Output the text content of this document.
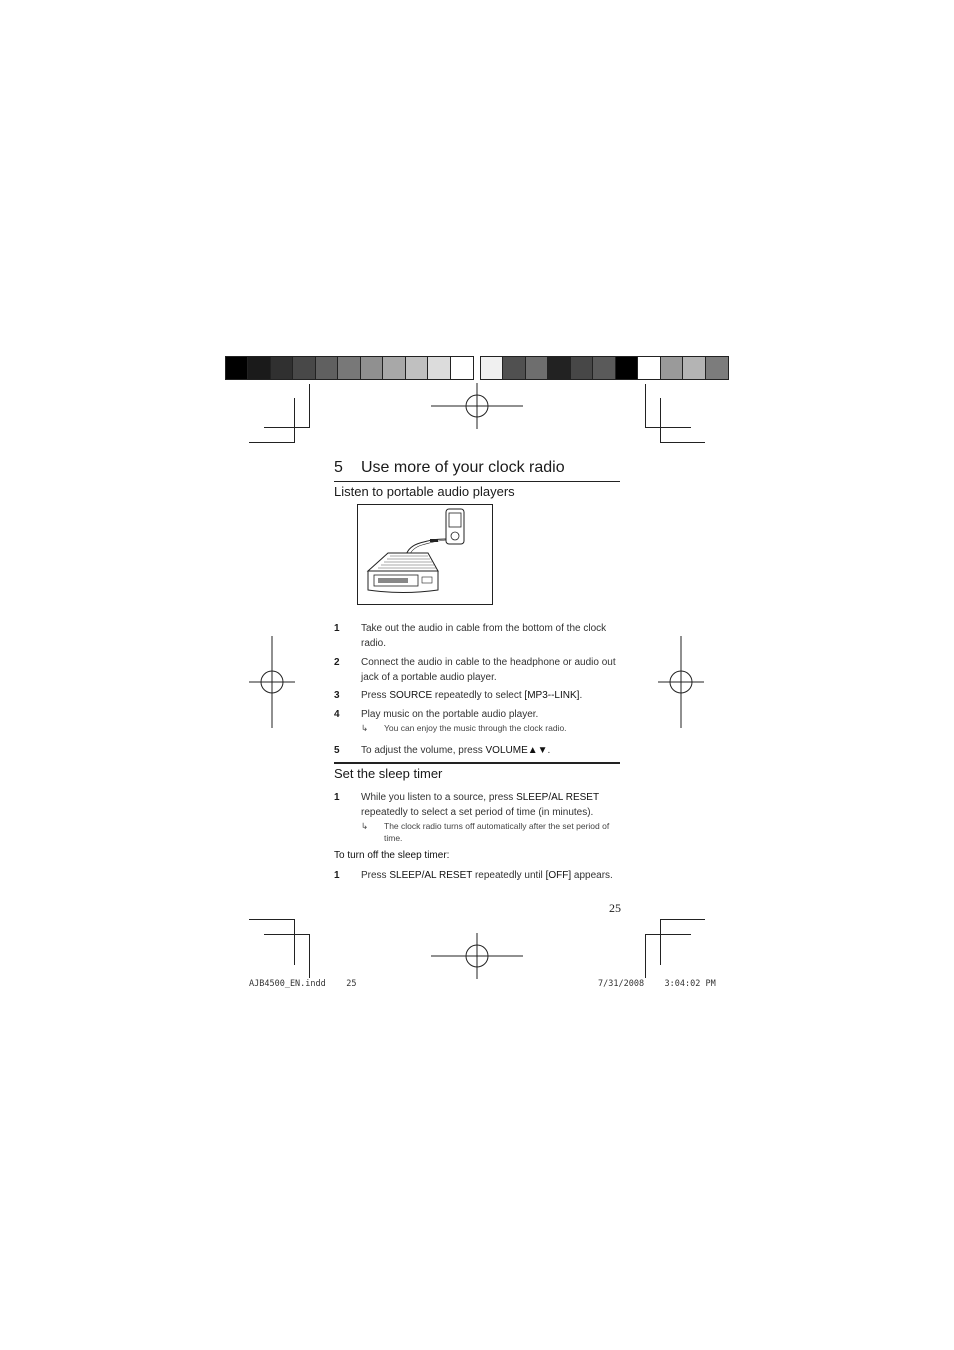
5 Use more of your clock radio
Listen to portable audio players
1 Take out the audio in cable from the bottom of the clock radio.
2 Connect the audio in cable to the headphone or audio out jack of a portable audio player.
3 Press SOURCE repeatedly to select [MP3--LINK].
4 Play music on the portable audio player.
↳ You can enjoy the music through the clock radio.
5 To adjust the volume, press VOLUME▲▼.
Set the sleep timer
1 While you listen to a source, press SLEEP/AL RESET repeatedly to select a set period of time (in minutes).
↳ The clock radio turns off automatically after the set period of time.
To turn off the sleep timer:
1 Press SLEEP/AL RESET repeatedly until [OFF] appears.
25
AJB4500_EN.indd 25	7/31/2008 3:04:02 PM
